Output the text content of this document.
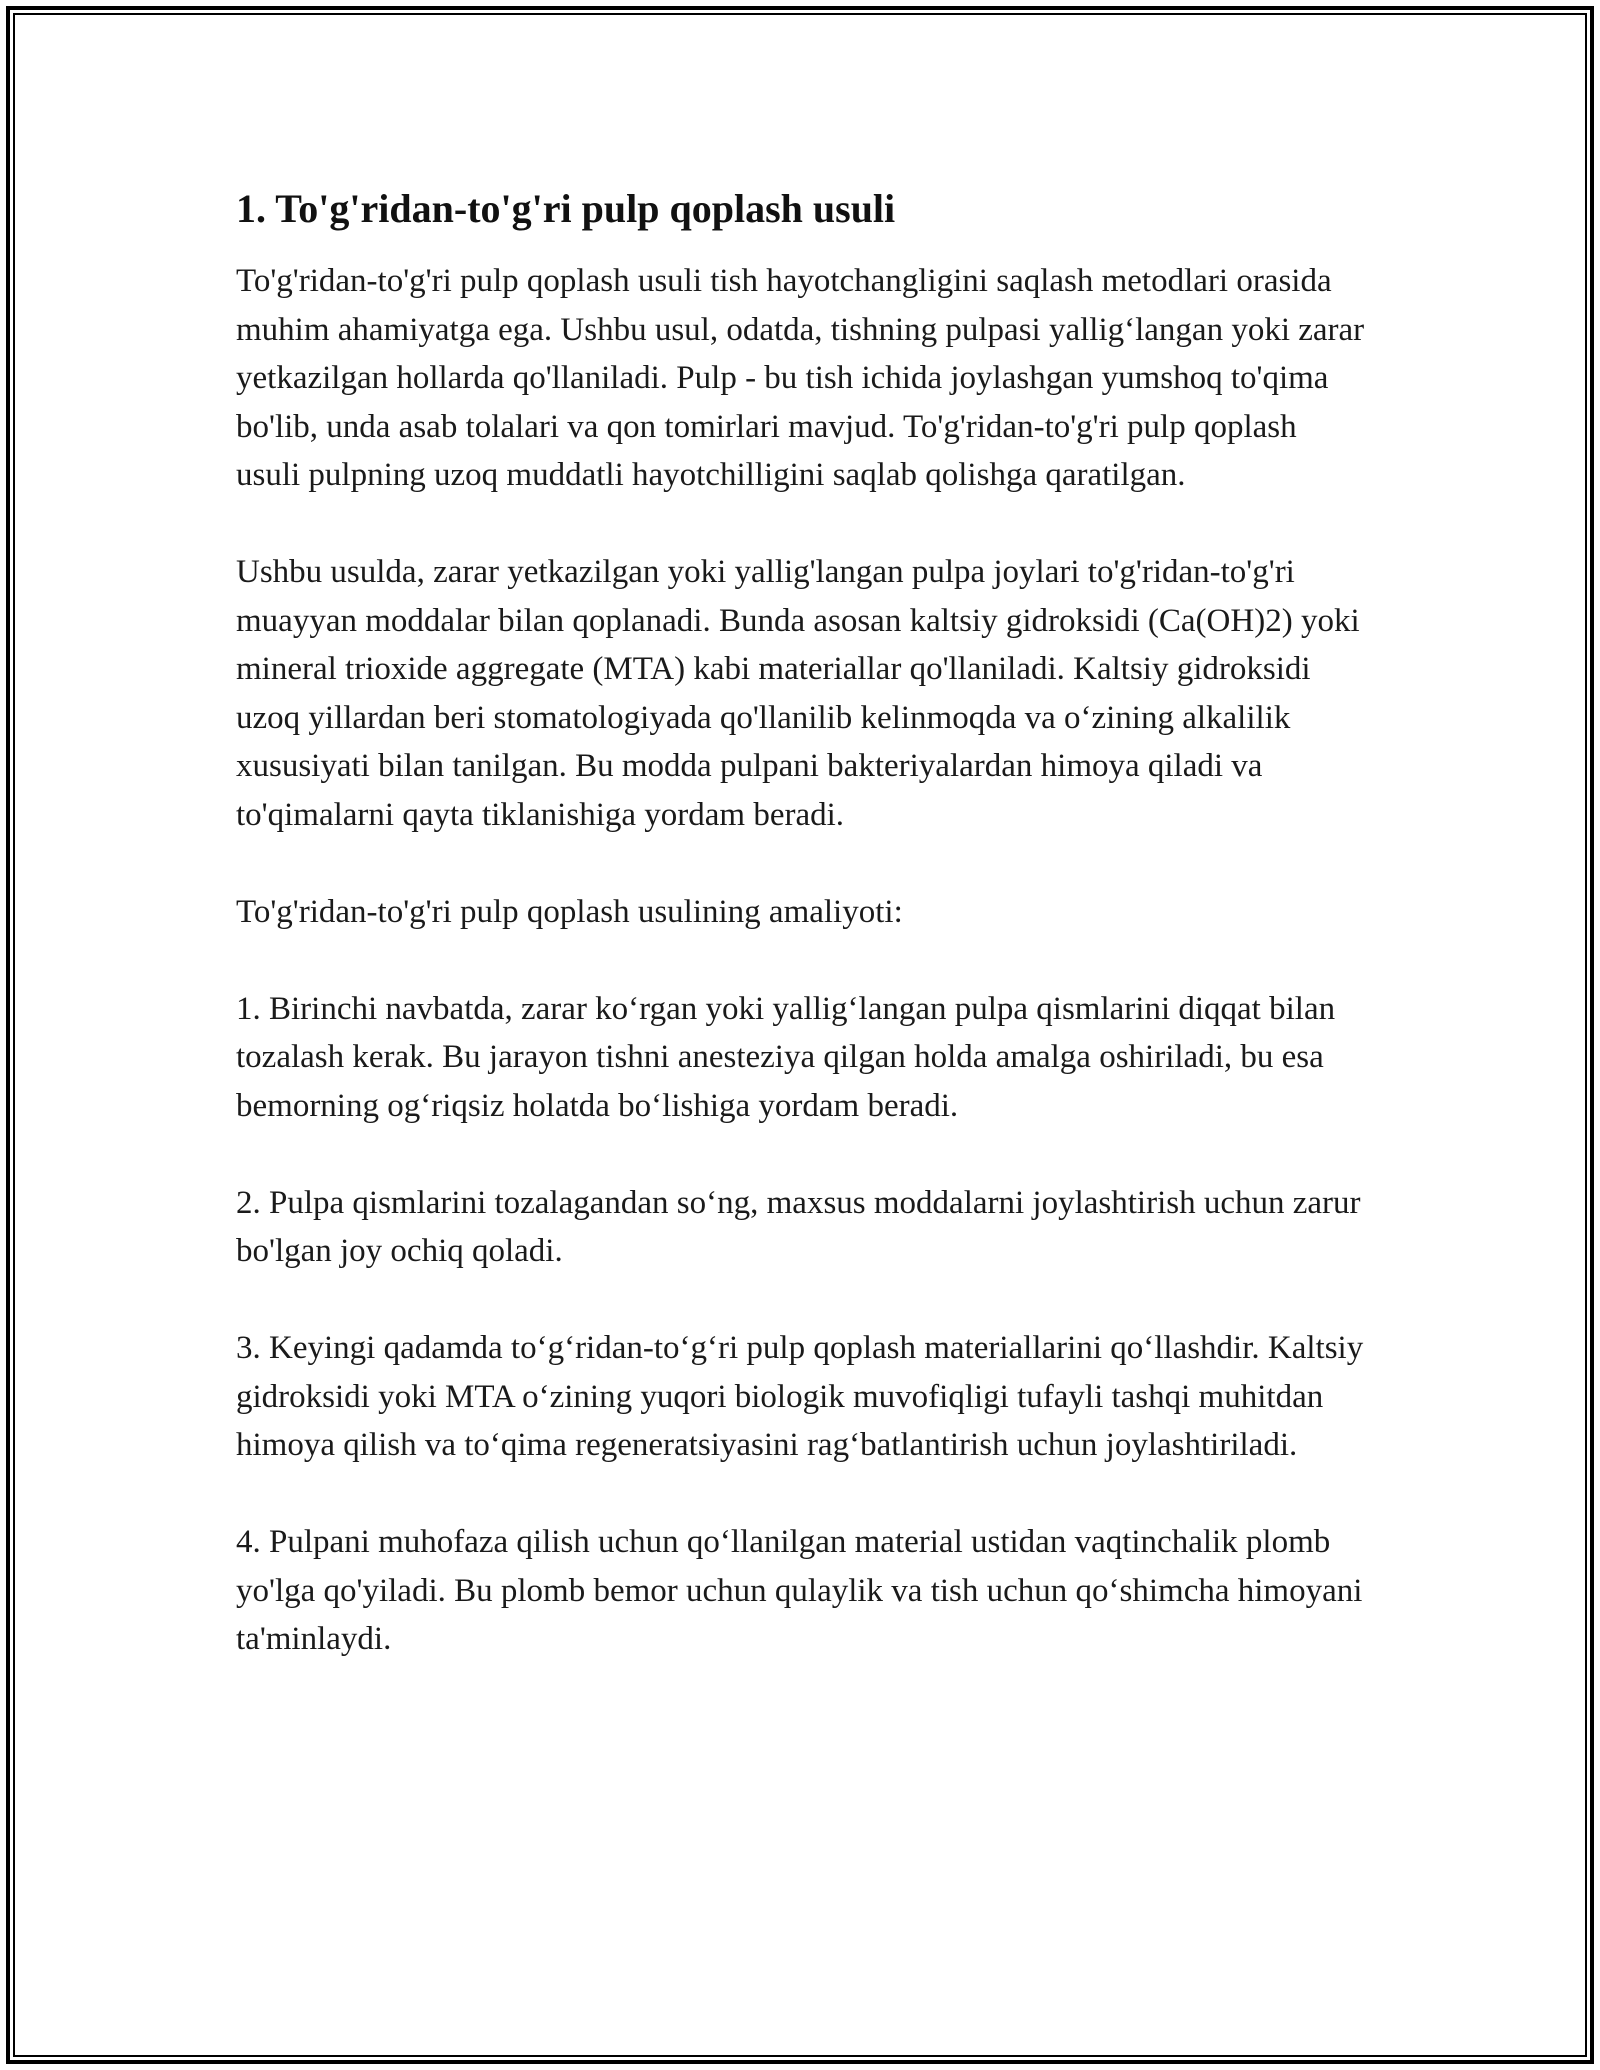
1. To'g'ridan-to'g'ri pulp qoplash usuli

To'g'ridan-to'g'ri pulp qoplash usuli tish hayotchangligini saqlash metodlari orasida muhim ahamiyatga ega. Ushbu usul, odatda, tishning pulpasi yallig‘langan yoki zarar yetkazilgan hollarda qo'llaniladi. Pulp - bu tish ichida joylashgan yumshoq to'qima bo'lib, unda asab tolalari va qon tomirlari mavjud. To'g'ridan-to'g'ri pulp qoplash usuli pulpning uzoq muddatli hayotchilligini saqlab qolishga qaratilgan.

Ushbu usulda, zarar yetkazilgan yoki yallig'langan pulpa joylari to'g'ridan-to'g'ri muayyan moddalar bilan qoplanadi. Bunda asosan kaltsiy gidroksidi (Ca(OH)2) yoki mineral trioxide aggregate (MTA) kabi materiallar qo'llaniladi. Kaltsiy gidroksidi uzoq yillardan beri stomatologiyada qo'llanilib kelinmoqda va o‘zining alkalilik xususiyati bilan tanilgan. Bu modda pulpani bakteriyalardan himoya qiladi va to'qimalarni qayta tiklanishiga yordam beradi.

To'g'ridan-to'g'ri pulp qoplash usulining amaliyoti:

1. Birinchi navbatda, zarar ko‘rgan yoki yallig‘langan pulpa qismlarini diqqat bilan tozalash kerak. Bu jarayon tishni anesteziya qilgan holda amalga oshiriladi, bu esa bemorning og‘riqsiz holatda bo‘lishiga yordam beradi.

2. Pulpa qismlarini tozalagandan so‘ng, maxsus moddalarni joylashtirish uchun zarur bo'lgan joy ochiq qoladi.

3. Keyingi qadamda to‘g‘ridan-to‘g‘ri pulp qoplash materiallarini qo‘llashdir. Kaltsiy gidroksidi yoki MTA o‘zining yuqori biologik muvofiqligi tufayli tashqi muhitdan himoya qilish va to‘qima regeneratsiyasini rag‘batlantirish uchun joylashtiriladi.

4. Pulpani muhofaza qilish uchun qo‘llanilgan material ustidan vaqtinchalik plomb yo'lga qo'yiladi. Bu plomb bemor uchun qulaylik va tish uchun qo‘shimcha himoyani ta'minlaydi.
